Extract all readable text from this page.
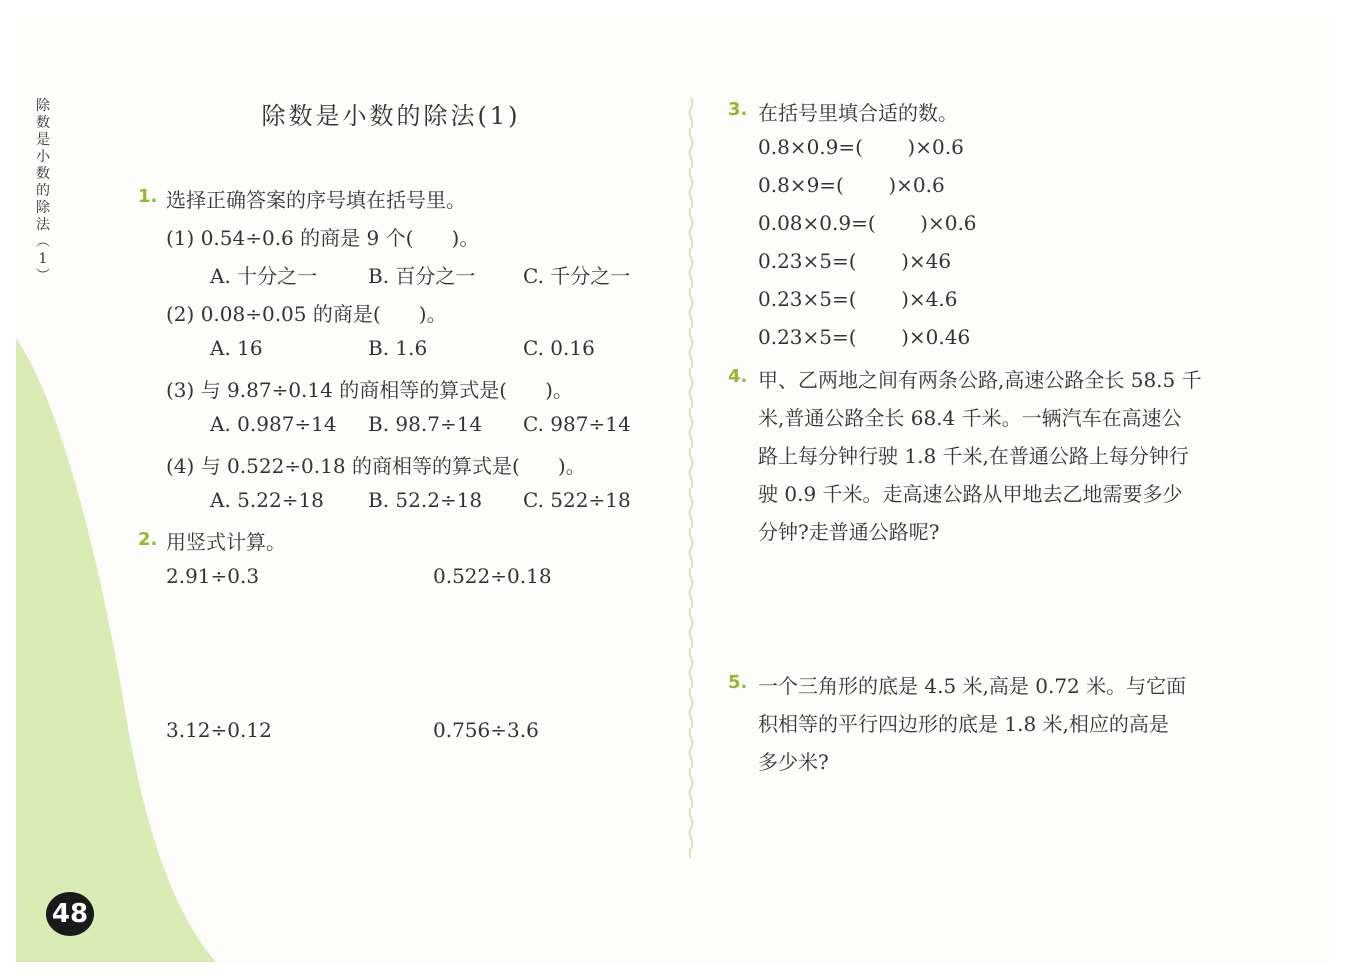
除
数
是
小
数
的
除
法
︵
1
︶
48
除数是小数的除法(1)
1. 选择正确答案的序号填在括号里。
(1) 0.54÷0.6 的商是 9 个(      )。
A. 十分之一	B. 百分之一 C. 千分之一
(2) 0.08÷0.05 的商是(      )。
A. 16	B. 1.6	C. 0.16
(3) 与 9.87÷0.14 的商相等的算式是(      )。
A. 0.987÷14 B. 98.7÷14 C. 987÷14
(4) 与 0.522÷0.18 的商相等的算式是(      )。
A. 5.22÷18 B. 52.2÷18 C. 522÷18
2. 用竖式计算。
2.91÷0.3	0.522÷0.18
3.12÷0.12	0.756÷3.6
3. 在括号里填合适的数。
0.8×0.9=(       )×0.6
0.8×9=(       )×0.6
0.08×0.9=(       )×0.6
0.23×5=(       )×46
0.23×5=(       )×4.6
0.23×5=(       )×0.46
4. 甲、乙两地之间有两条公路,高速公路全长 58.5 千
米,普通公路全长 68.4 千米。一辆汽车在高速公
路上每分钟行驶 1.8 千米,在普通公路上每分钟行
驶 0.9 千米。走高速公路从甲地去乙地需要多少
分钟?走普通公路呢?
5. 一个三角形的底是 4.5 米,高是 0.72 米。与它面
积相等的平行四边形的底是 1.8 米,相应的高是
多少米?
